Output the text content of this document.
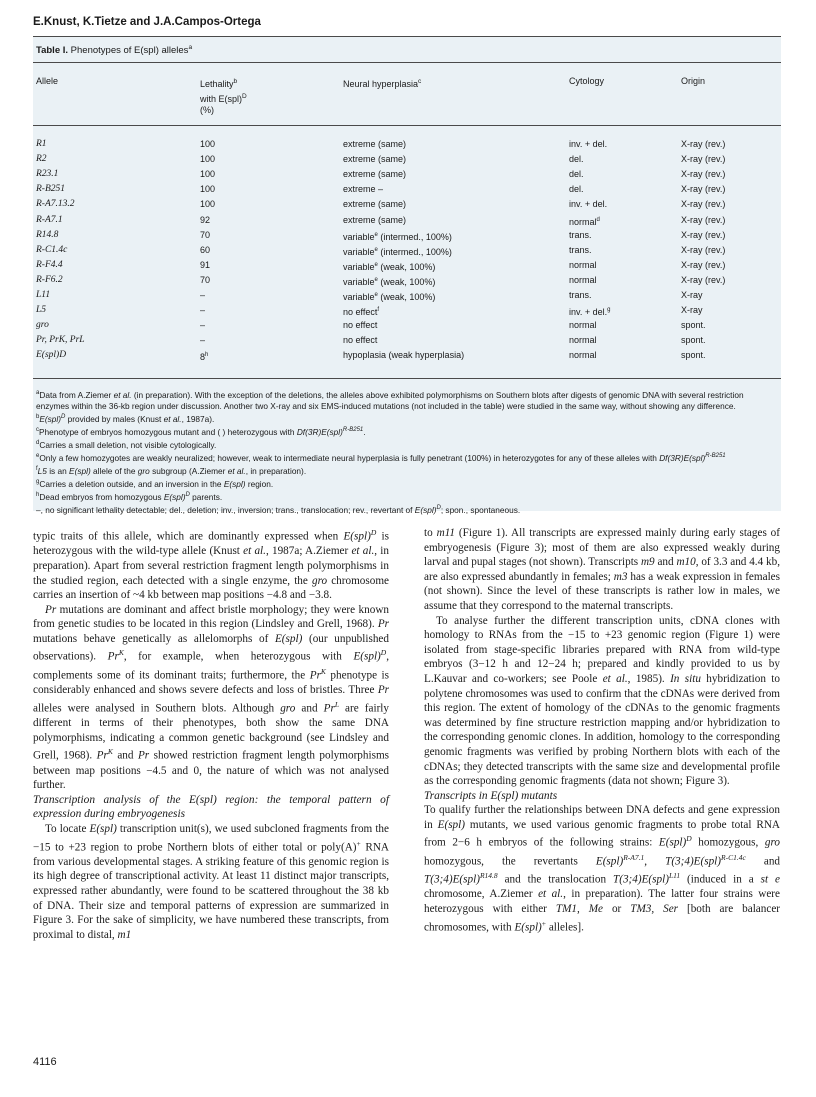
E.Knust, K.Tietze and J.A.Campos-Ortega
Table I. Phenotypes of E(spl) alleles$^a$
Allele	Lethality$^b$
with E(spl)$^D$
(%)
Neural hyperplasia$^c$	Cytology	Origin
R1	100	extreme (same)	inv. + del.	X-ray (rev.)
R2	100	extreme (same)	del.	X-ray (rev.)
R23.1	100	extreme (same)	del.	X-ray (rev.)
R-B251	100	extreme –	del.	X-ray (rev.)
R-A7.13.2	100	extreme (same)	inv. + del.	X-ray (rev.)
R-A7.1	92	extreme (same)	normal$^d$	X-ray (rev.)
R14.8	70	variable$^e$ (intermed., 100%)	trans.	X-ray (rev.)
R-C1.4c	60	variable$^e$ (intermed., 100%)	trans.	X-ray (rev.)
R-F4.4	91	variable$^e$ (weak, 100%)	normal	X-ray (rev.)
R-F6.2	70	variable$^e$ (weak, 100%)	normal	X-ray (rev.)
L11	–	variable$^e$ (weak, 100%)	trans.	X-ray
L5	–	no effect$^f$	inv. + del.$^g$	X-ray
gro	–	no effect	normal	spont.
Pr, PrK, PrL	–	no effect	normal	spont.
E(spl)D	8$^h$	hypoplasia (weak hyperplasia)	normal	spont.

$^a$Data from A.Ziemer et al. (in preparation). With the exception of the deletions, the alleles above exhibited polymorphisms on Southern blots after digests of genomic DNA with several restriction enzymes within the 36-kb region under discussion. Another two X-ray and six EMS-induced mutations (not included in the table) were studied in the same way, without showing any difference.

$^b$E(spl)$^D$ provided by males (Knust et al., 1987a).

$^c$Phenotype of embryos homozygous mutant and ( ) heterozygous with Df(3R)E(spl)$^{R-B251}$.

$^d$Carries a small deletion, not visible cytologically.

$^e$Only a few homozygotes are weakly neuralized; however, weak to intermediate neural hyperplasia is fully penetrant (100%) in heterozygotes for any of these alleles with Df(3R)E(spl)$^{R-B251}$

$^f$L5 is an E(spl) allele of the gro subgroup (A.Ziemer et al., in preparation).

$^g$Carries a deletion outside, and an inversion in the E(spl) region.

$^h$Dead embryos from homozygous E(spl)$^D$ parents.

–, no significant lethality detectable; del., deletion; inv., inversion; trans., translocation; rev., revertant of E(spl)$^D$; spon., spontaneous.

typic traits of this allele, which are dominantly expressed when E(spl)$^D$ is heterozygous with the wild-type allele (Knust et al., 1987a; A.Ziemer et al., in preparation). Apart from several restriction fragment length polymorphisms in the studied region, each detected with a single enzyme, the gro chromosome carries an insertion of ~4 kb between map positions −4.8 and −3.8.

Pr mutations are dominant and affect bristle morphology; they were known from genetic studies to be located in this region (Lindsley and Grell, 1968). Pr mutations behave genetically as allelomorphs of E(spl) (our unpublished observations). $Pr^K$, for example, when heterozygous with E(spl)$^D$, complements some of its dominant traits; furthermore, the $Pr^K$ phenotype is considerably enhanced and shows severe defects and loss of bristles. Three Pr alleles were analysed in Southern blots. Although gro and $Pr^L$ are fairly different in terms of their phenotypes, both show the same DNA polymorphisms, indicating a common genetic background (see Lindsley and Grell, 1968). $Pr^K$ and Pr showed restriction fragment length polymorphisms between map positions −4.5 and 0, the nature of which was not analysed further.

Transcription analysis of the E(spl) region: the temporal pattern of expression during embryogenesis

To locate E(spl) transcription unit(s), we used subcloned fragments from the −15 to +23 region to probe Northern blots of either total or poly(A)+ RNA from various developmental stages. A striking feature of this genomic region is its high degree of transcriptional activity. At least 11 distinct major transcripts, expressed rather abundantly, were found to be scattered throughout the 38 kb of DNA. Their size and temporal patterns of expression are summarized in Figure 3. For the sake of simplicity, we have numbered these transcripts, from proximal to distal, m1

to m11 (Figure 1). All transcripts are expressed mainly during early stages of embryogenesis (Figure 3); most of them are also expressed weakly during larval and pupal stages (not shown). Transcripts m9 and m10, of 3.3 and 4.4 kb, are also expressed abundantly in females; m3 has a weak expression in females (not shown). Since the level of these transcripts is rather low in males, we assume that they correspond to the maternal transcripts.

To analyse further the different transcription units, cDNA clones with homology to RNAs from the −15 to +23 genomic region (Figure 1) were isolated from stage-specific libraries prepared with RNA from wild-type embryos (3−12 h and 12−24 h; prepared and kindly provided to us by L.Kauvar and co-workers; see Poole et al., 1985). In situ hybridization to polytene chromosomes was used to confirm that the cDNAs were derived from this region. The extent of homology of the cDNAs to the genomic fragments was determined by fine structure restriction mapping and/or hybridization to the corresponding genomic clones. In addition, homology to the corresponding genomic fragments was verified by probing Northern blots with each of the cDNAs; they detected transcripts with the same size and developmental profile as the corresponding genomic fragments (data not shown; Figure 3).

Transcripts in E(spl) mutants

To qualify further the relationships between DNA defects and gene expression in E(spl) mutants, we used various genomic fragments to probe total RNA from 2−6 h embryos of the following strains: E(spl)$^D$ homozygous, gro homozygous, the revertants E(spl)$^{R-A7.1}$, T(3;4)E(spl)$^{R-C1.4c}$ and T(3;4)E(spl)$^{R14.8}$ and the translocation T(3;4)E(spl)$^{L11}$ (induced in a st e chromosome, A.Ziemer et al., in preparation). The latter four strains were heterozygous with either TM1, Me or TM3, Ser [both are balancer chromosomes, with E(spl)+ alleles].

4116
